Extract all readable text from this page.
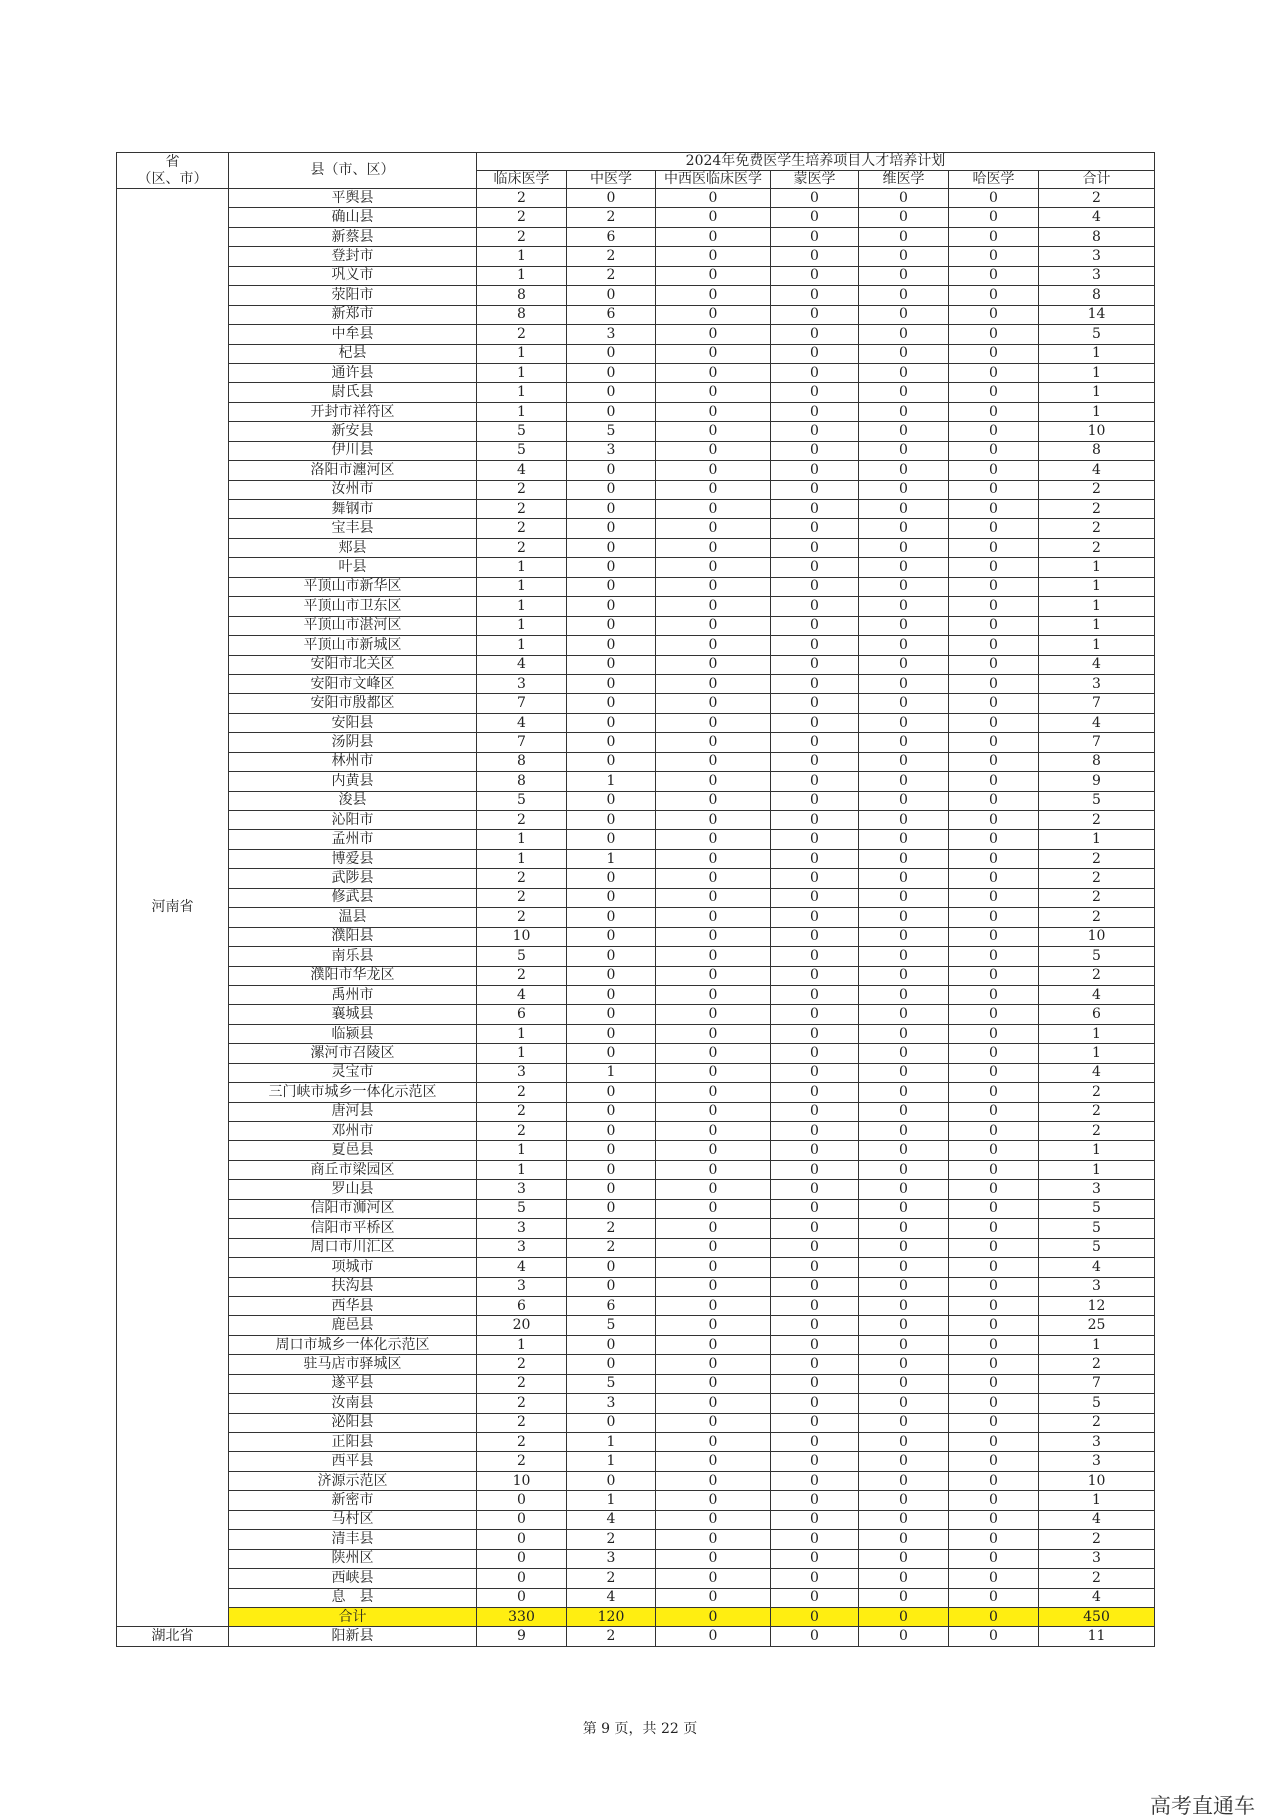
省
（区、市）	县（市、区）	2024年免费医学生培养项目人才培养计划						
		临床医学	中医学	中西医临床医学	蒙医学	维医学	哈医学	合计
河南省	平舆县	2	0	0	0	0	0	2
	确山县	2	2	0	0	0	0	4
	新蔡县	2	6	0	0	0	0	8
	登封市	1	2	0	0	0	0	3
	巩义市	1	2	0	0	0	0	3
	荥阳市	8	0	0	0	0	0	8
	新郑市	8	6	0	0	0	0	14
	中牟县	2	3	0	0	0	0	5
	杞县	1	0	0	0	0	0	1
	通许县	1	0	0	0	0	0	1
	尉氏县	1	0	0	0	0	0	1
	开封市祥符区	1	0	0	0	0	0	1
	新安县	5	5	0	0	0	0	10
	伊川县	5	3	0	0	0	0	8
	洛阳市瀍河区	4	0	0	0	0	0	4
	汝州市	2	0	0	0	0	0	2
	舞钢市	2	0	0	0	0	0	2
	宝丰县	2	0	0	0	0	0	2
	郏县	2	0	0	0	0	0	2
	叶县	1	0	0	0	0	0	1
	平顶山市新华区	1	0	0	0	0	0	1
	平顶山市卫东区	1	0	0	0	0	0	1
	平顶山市湛河区	1	0	0	0	0	0	1
	平顶山市新城区	1	0	0	0	0	0	1
	安阳市北关区	4	0	0	0	0	0	4
	安阳市文峰区	3	0	0	0	0	0	3
	安阳市殷都区	7	0	0	0	0	0	7
	安阳县	4	0	0	0	0	0	4
	汤阴县	7	0	0	0	0	0	7
	林州市	8	0	0	0	0	0	8
	内黄县	8	1	0	0	0	0	9
	浚县	5	0	0	0	0	0	5
	沁阳市	2	0	0	0	0	0	2
	孟州市	1	0	0	0	0	0	1
	博爱县	1	1	0	0	0	0	2
	武陟县	2	0	0	0	0	0	2
	修武县	2	0	0	0	0	0	2
	温县	2	0	0	0	0	0	2
	濮阳县	10	0	0	0	0	0	10
	南乐县	5	0	0	0	0	0	5
	濮阳市华龙区	2	0	0	0	0	0	2
	禹州市	4	0	0	0	0	0	4
	襄城县	6	0	0	0	0	0	6
	临颍县	1	0	0	0	0	0	1
	漯河市召陵区	1	0	0	0	0	0	1
	灵宝市	3	1	0	0	0	0	4
	三门峡市城乡一体化示范区	2	0	0	0	0	0	2
	唐河县	2	0	0	0	0	0	2
	邓州市	2	0	0	0	0	0	2
	夏邑县	1	0	0	0	0	0	1
	商丘市梁园区	1	0	0	0	0	0	1
	罗山县	3	0	0	0	0	0	3
	信阳市浉河区	5	0	0	0	0	0	5
	信阳市平桥区	3	2	0	0	0	0	5
	周口市川汇区	3	2	0	0	0	0	5
	项城市	4	0	0	0	0	0	4
	扶沟县	3	0	0	0	0	0	3
	西华县	6	6	0	0	0	0	12
	鹿邑县	20	5	0	0	0	0	25
	周口市城乡一体化示范区	1	0	0	0	0	0	1
	驻马店市驿城区	2	0	0	0	0	0	2
	遂平县	2	5	0	0	0	0	7
	汝南县	2	3	0	0	0	0	5
	泌阳县	2	0	0	0	0	0	2
	正阳县	2	1	0	0	0	0	3
	西平县	2	1	0	0	0	0	3
	济源示范区	10	0	0	0	0	0	10
	新密市	0	1	0	0	0	0	1
	马村区	0	4	0	0	0	0	4
	清丰县	0	2	0	0	0	0	2
	陕州区	0	3	0	0	0	0	3
	西峡县	0	2	0	0	0	0	2
	息　县	0	4	0	0	0	0	4
	合计	330	120	0	0	0	0	450
湖北省	阳新县	9	2	0	0	0	0	11
第 9 页，共 22 页
高考直通车
